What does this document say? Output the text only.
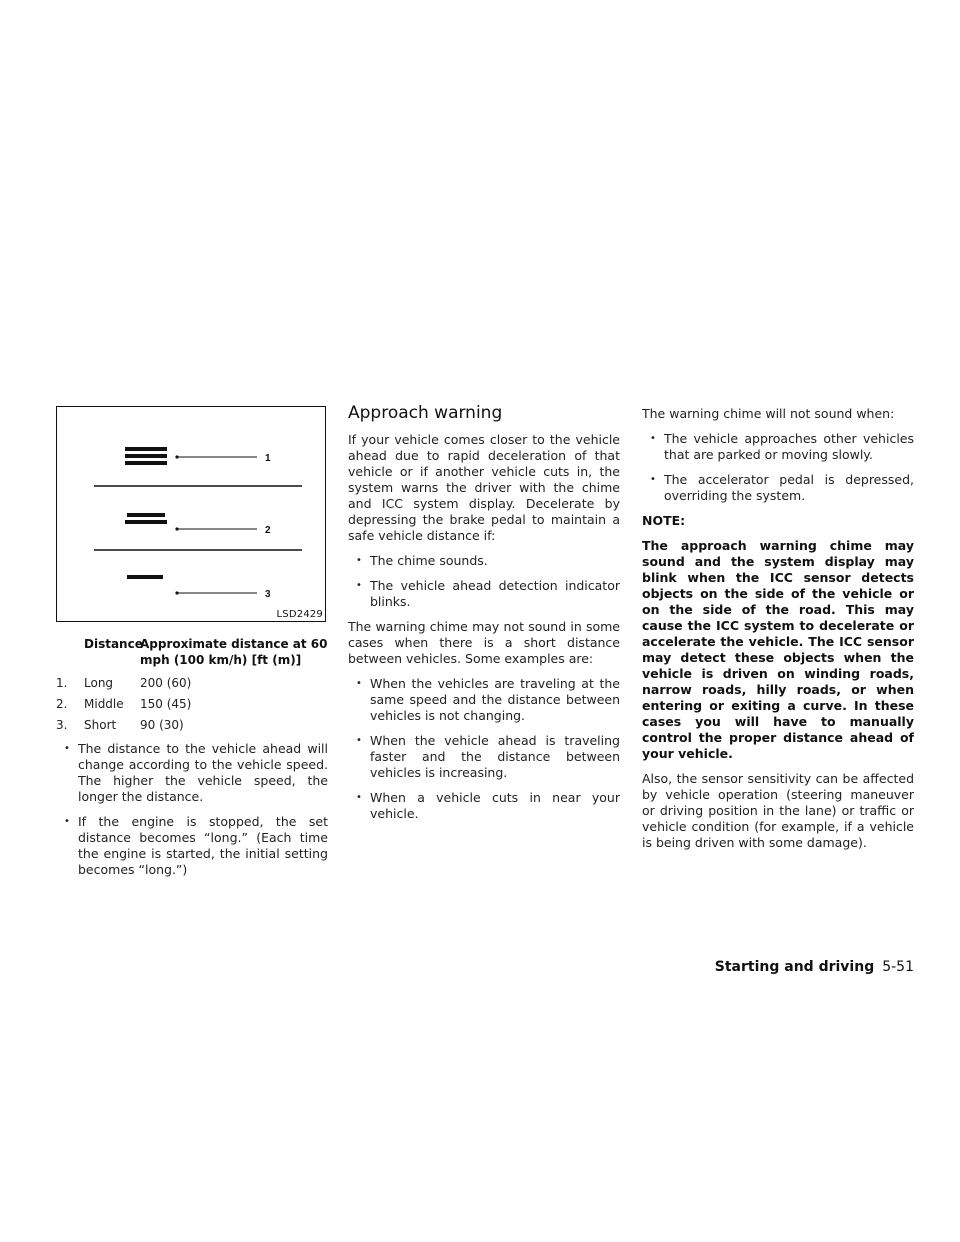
1
2
3
LSD2429
Distance
Approximate distance at 60 mph (100 km/h) [ft (m)]
1.	Long	200 (60)
2.	Middle	150 (45)
3.	Short	90 (30)
• The distance to the vehicle ahead will change according to the vehicle speed. The higher the vehicle speed, the longer the distance.
• If the engine is stopped, the set distance becomes “long.” (Each time the engine is started, the initial setting becomes “long.”)
Approach warning

If your vehicle comes closer to the vehicle ahead due to rapid deceleration of that vehicle or if another vehicle cuts in, the system warns the driver with the chime and ICC system display. Decelerate by depressing the brake pedal to maintain a safe vehicle distance if:

• The chime sounds.
• The vehicle ahead detection indicator blinks.

The warning chime may not sound in some cases when there is a short distance between vehicles. Some examples are:

• When the vehicles are traveling at the same speed and the distance between vehicles is not changing.
• When the vehicle ahead is traveling faster and the distance between vehicles is increasing.
• When a vehicle cuts in near your vehicle.

The warning chime will not sound when:

• The vehicle approaches other vehicles that are parked or moving slowly.
• The accelerator pedal is depressed, overriding the system.

NOTE:

The approach warning chime may sound and the system display may blink when the ICC sensor detects objects on the side of the vehicle or on the side of the road. This may cause the ICC system to decelerate or accelerate the vehicle. The ICC sensor may detect these objects when the vehicle is driven on winding roads, narrow roads, hilly roads, or when entering or exiting a curve. In these cases you will have to manually control the proper distance ahead of your vehicle.

Also, the sensor sensitivity can be affected by vehicle operation (steering maneuver or driving position in the lane) or traffic or vehicle condition (for example, if a vehicle is being driven with some damage).

Starting and driving 5-51
